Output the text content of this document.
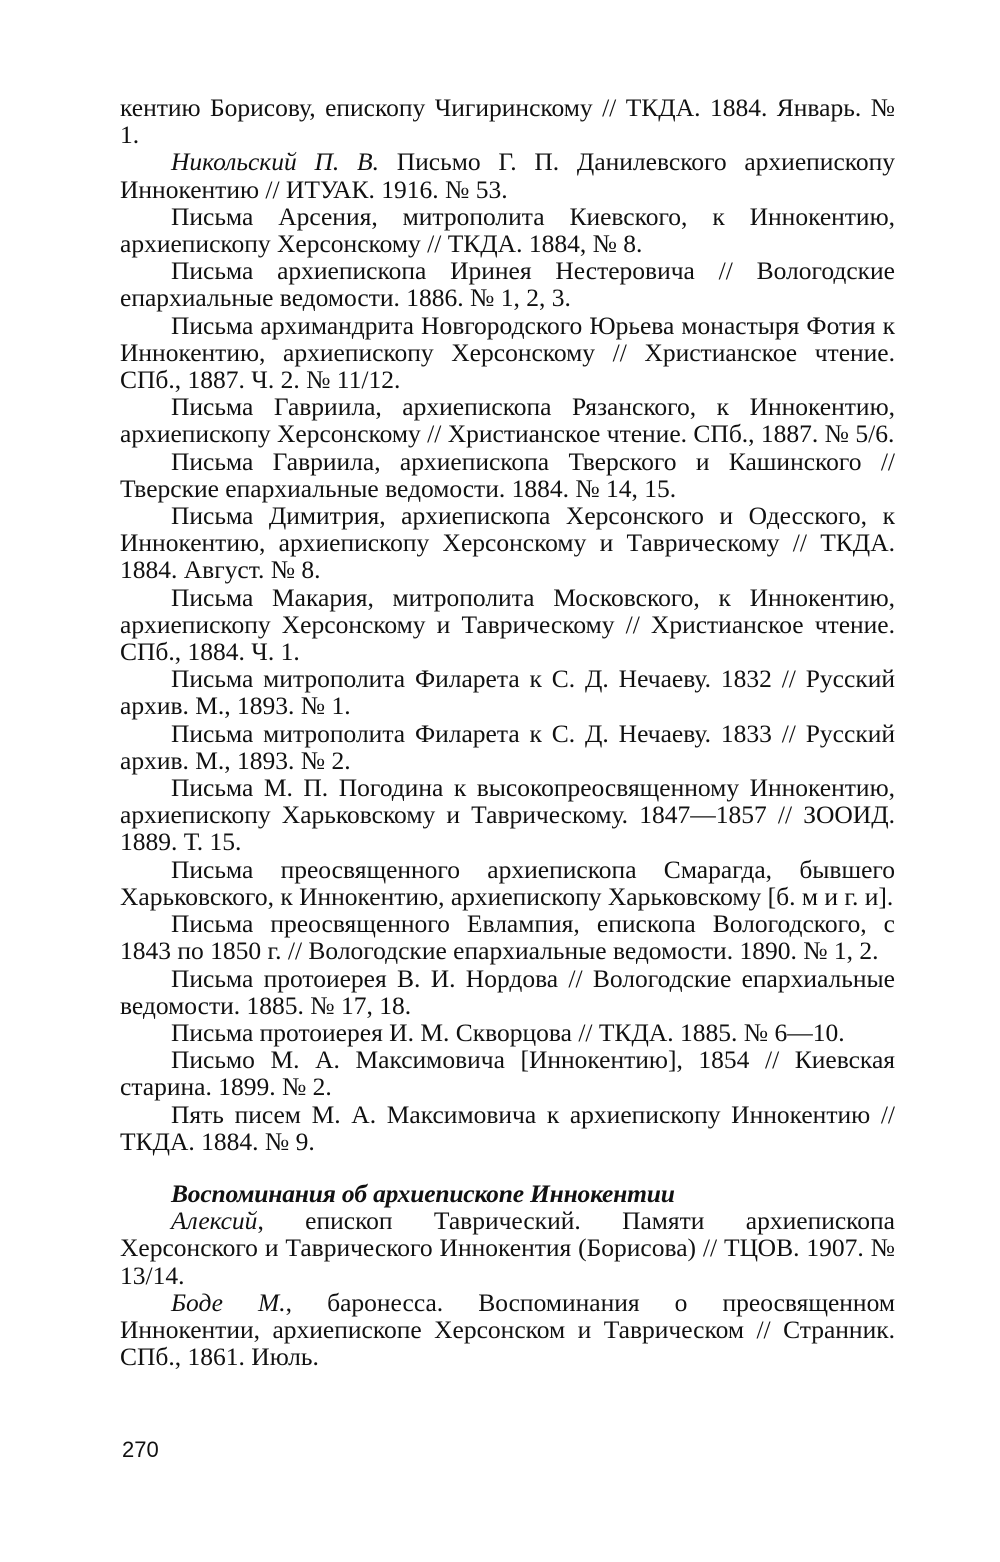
кентию Борисову, епископу Чигиринскому // ТКДА. 1884. Январь. № 1.

Никольский П. В. Письмо Г. П. Данилевского архиепископу Иннокентию // ИТУАК. 1916. № 53.

Письма Арсения, митрополита Киевского, к Иннокентию, архиепископу Херсонскому // ТКДА. 1884, № 8.

Письма архиепископа Иринея Нестеровича // Вологодские епархиальные ведомости. 1886. № 1, 2, 3.

Письма архимандрита Новгородского Юрьева монастыря Фотия к Иннокентию, архиепископу Херсонскому // Христианское чтение. СПб., 1887. Ч. 2. № 11/12.

Письма Гавриила, архиепископа Рязанского, к Иннокентию, архиепископу Херсонскому // Христианское чтение. СПб., 1887. № 5/6.

Письма Гавриила, архиепископа Тверского и Кашинского // Тверские епархиальные ведомости. 1884. № 14, 15.

Письма Димитрия, архиепископа Херсонского и Одесского, к Иннокентию, архиепископу Херсонскому и Таврическому // ТКДА. 1884. Август. № 8.

Письма Макария, митрополита Московского, к Иннокентию, архиепископу Херсонскому и Таврическому // Христианское чтение. СПб., 1884. Ч. 1.

Письма митрополита Филарета к С. Д. Нечаеву. 1832 // Русский архив. М., 1893. № 1.

Письма митрополита Филарета к С. Д. Нечаеву. 1833 // Русский архив. М., 1893. № 2.

Письма М. П. Погодина к высокопреосвященному Иннокентию, архиепископу Харьковскому и Таврическому. 1847—1857 // ЗООИД. 1889. Т. 15.

Письма преосвященного архиепископа Смарагда, бывшего Харьковского, к Иннокентию, архиепископу Харьковскому [б. м и г. и].

Письма преосвященного Евлампия, епископа Вологодского, с 1843 по 1850 г. // Вологодские епархиальные ведомости. 1890. № 1, 2.

Письма протоиерея В. И. Нордова // Вологодские епархиальные ведомости. 1885. № 17, 18.

Письма протоиерея И. М. Скворцова // ТКДА. 1885. № 6—10.

Письмо М. А. Максимовича [Иннокентию], 1854 // Киевская старина. 1899. № 2.

Пять писем М. А. Максимовича к архиепископу Иннокентию // ТКДА. 1884. № 9.

Воспоминания об архиепископе Иннокентии

Алексий, епископ Таврический. Памяти архиепископа Херсонского и Таврического Иннокентия (Борисова) // ТЦОВ. 1907. № 13/14.

Боде М., баронесса. Воспоминания о преосвященном Иннокентии, архиепископе Херсонском и Таврическом // Странник. СПб., 1861. Июль.

270
